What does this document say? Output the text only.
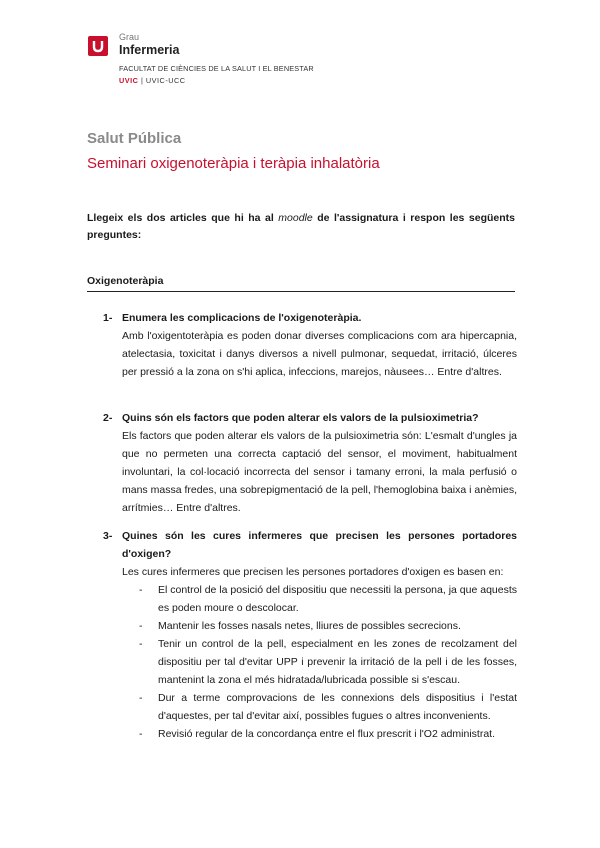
Grau
Infermeria
FACULTAT DE CIÈNCIES DE LA SALUT I EL BENESTAR
UVIC | UVIC-UCC
Salut Pública
Seminari oxigenoteràpia i teràpia inhalatòria
Llegeix els dos articles que hi ha al moodle de l'assignatura i respon les següents preguntes:
Oxigenoteràpia
1- Enumera les complicacions de l'oxigenoteràpia.
Amb l'oxigentoteràpia es poden donar diverses complicacions com ara hipercapnia, atelectasia, toxicitat i danys diversos a nivell pulmonar, sequedat, irritació, úlceres per pressió a la zona on s'hi aplica, infeccions, marejos, nàusees… Entre d'altres.
2- Quins són els factors que poden alterar els valors de la pulsioximetria?
Els factors que poden alterar els valors de la pulsioximetria són: L'esmalt d'ungles ja que no permeten una correcta captació del sensor, el moviment, habitualment involuntari, la col·locació incorrecta del sensor i tamany erroni, la mala perfusió o mans massa fredes, una sobrepigmentació de la pell, l'hemoglobina baixa i anèmies, arrítmies… Entre d'altres.
3- Quines són les cures infermeres que precisen les persones portadores d'oxigen?
Les cures infermeres que precisen les persones portadores d'oxigen es basen en:
-	El control de la posició del dispositiu que necessiti la persona, ja que aquests es poden moure o descolocar.
-	Mantenir les fosses nasals netes, lliures de possibles secrecions.
-	Tenir un control de la pell, especialment en les zones de recolzament del dispositiu per tal d'evitar UPP i prevenir la irritació de la pell i de les fosses, mantenint la zona el més hidratada/lubricada possible si s'escau.
-	Dur a terme comprovacions de les connexions dels dispositius i l'estat d'aquestes, per tal d'evitar així, possibles fugues o altres inconvenients.
-	Revisió regular de la concordança entre el flux prescrit i l'O2 administrat.
